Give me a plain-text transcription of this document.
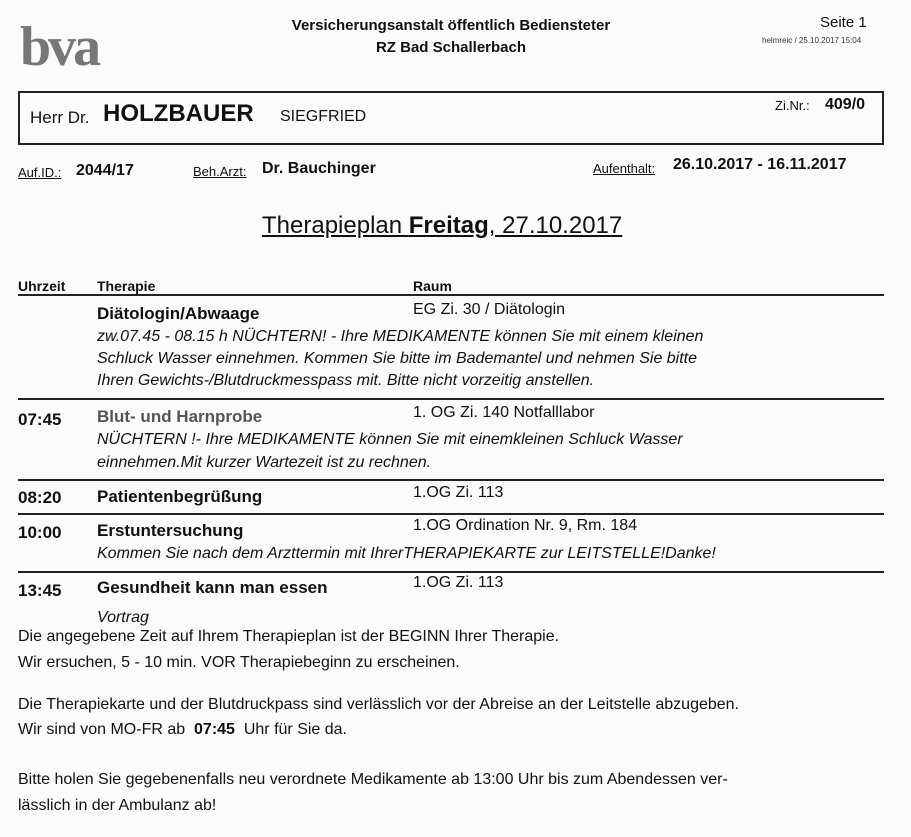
bva	Versicherungsanstalt öffentlich Bediensteter
RZ Bad Schallerbach
Seite 1
helmreic / 25.10.2017 15:04
Herr Dr. HOLZBAUER SIEGFRIED
Zi.Nr.: 409/0
Auf.ID.: 2044/17	Beh.Arzt: Dr. Bauchinger	Aufenthalt: 26.10.2017 - 16.11.2017
Therapieplan Freitag, 27.10.2017
Uhrzeit Therapie	Raum
Diätologin/Abwaage	EG Zi. 30 / Diätologin
zw.07.45 - 08.15 h NÜCHTERN! - Ihre MEDIKAMENTE können Sie mit einem kleinen
Schluck Wasser einnehmen. Kommen Sie bitte im Bademantel und nehmen Sie bitte
Ihren Gewichts-/Blutdruckmesspass mit. Bitte nicht vorzeitig anstellen.
07:45 Blut- und Harnprobe	1. OG Zi. 140 Notfalllabor
NÜCHTERN !- Ihre MEDIKAMENTE können Sie mit einemkleinen Schluck Wasser
einnehmen.Mit kurzer Wartezeit ist zu rechnen.
08:20 Patientenbegrüßung	1.OG Zi. 113
10:00 Erstuntersuchung	1.OG Ordination Nr. 9, Rm. 184
Kommen Sie nach dem Arzttermin mit IhrerTHERAPIEKARTE zur LEITSTELLE!Danke!
13:45 Gesundheit kann man essen	1.OG Zi. 113
Vortrag
Die angegebene Zeit auf Ihrem Therapieplan ist der BEGINN Ihrer Therapie.
Wir ersuchen, 5 - 10 min. VOR Therapiebeginn zu erscheinen.
Die Therapiekarte und der Blutdruckpass sind verlässlich vor der Abreise an der Leitstelle abzugeben.
Wir sind von MO-FR ab  07:45  Uhr für Sie da.
Bitte holen Sie gegebenenfalls neu verordnete Medikamente ab 13:00 Uhr bis zum Abendessen ver-
lässlich in der Ambulanz ab!
